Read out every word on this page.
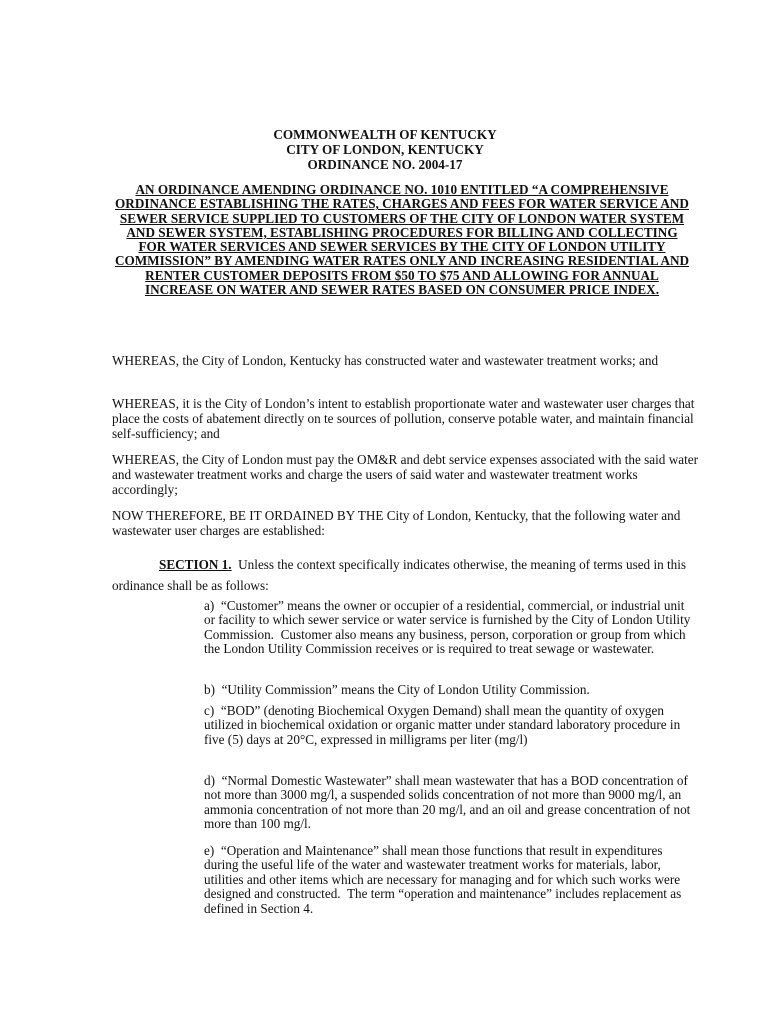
COMMONWEALTH OF KENTUCKY
CITY OF LONDON, KENTUCKY
ORDINANCE NO. 2004-17
AN ORDINANCE AMENDING ORDINANCE NO. 1010 ENTITLED “A COMPREHENSIVE ORDINANCE ESTABLISHING THE RATES, CHARGES AND FEES FOR WATER SERVICE AND SEWER SERVICE SUPPLIED TO CUSTOMERS OF THE CITY OF LONDON WATER SYSTEM AND SEWER SYSTEM, ESTABLISHING PROCEDURES FOR BILLING AND COLLECTING FOR WATER SERVICES AND SEWER SERVICES BY THE CITY OF LONDON UTILITY COMMISSION” BY AMENDING WATER RATES ONLY AND INCREASING RESIDENTIAL AND RENTER CUSTOMER DEPOSITS FROM $50 TO $75 AND ALLOWING FOR ANNUAL INCREASE ON WATER AND SEWER RATES BASED ON CONSUMER PRICE INDEX.

WHEREAS, the City of London, Kentucky has constructed water and wastewater treatment works; and

WHEREAS, it is the City of London’s intent to establish proportionate water and wastewater user charges that place the costs of abatement directly on te sources of pollution, conserve potable water, and maintain financial self-sufficiency; and

WHEREAS, the City of London must pay the OM&R and debt service expenses associated with the said water and wastewater treatment works and charge the users of said water and wastewater treatment works accordingly;

NOW THEREFORE, BE IT ORDAINED BY THE City of London, Kentucky, that the following water and wastewater user charges are established:

SECTION 1. Unless the context specifically indicates otherwise, the meaning of terms used in this ordinance shall be as follows:

a)  “Customer” means the owner or occupier of a residential, commercial, or industrial unit or facility to which sewer service or water service is furnished by the City of London Utility Commission.  Customer also means any business, person, corporation or group from which the London Utility Commission receives or is required to treat sewage or wastewater.

b)  “Utility Commission” means the City of London Utility Commission.

c)  “BOD” (denoting Biochemical Oxygen Demand) shall mean the quantity of oxygen utilized in biochemical oxidation or organic matter under standard laboratory procedure in five (5) days at 20°C, expressed in milligrams per liter (mg/l)

d)  “Normal Domestic Wastewater” shall mean wastewater that has a BOD concentration of not more than 3000 mg/l, a suspended solids concentration of not more than 9000 mg/l, an ammonia concentration of not more than 20 mg/l, and an oil and grease concentration of not more than 100 mg/l.

e)  “Operation and Maintenance” shall mean those functions that result in expenditures during the useful life of the water and wastewater treatment works for materials, labor, utilities and other items which are necessary for managing and for which such works were designed and constructed.  The term “operation and maintenance” includes replacement as defined in Section 4.
